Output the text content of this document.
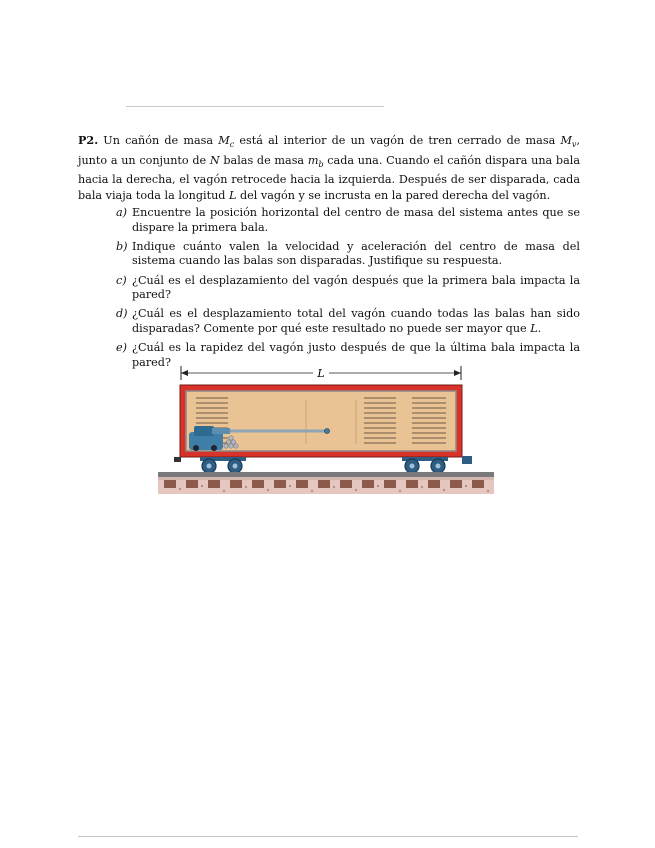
P2. Un cañón de masa $M_c$ está al interior de un vagón de tren cerrado de masa $M_v$, junto a un conjunto de N balas de masa $m_b$ cada una. Cuando el cañón dispara una bala hacia la derecha, el vagón retrocede hacia la izquierda. Después de ser disparada, cada bala viaja toda la longitud L del vagón y se incrusta en la pared derecha del vagón.
a) Encuentre la posición horizontal del centro de masa del sistema antes que se dispare la primera bala.
b) Indique cuánto valen la velocidad y aceleración del centro de masa del sistema cuando las balas son disparadas. Justifique su respuesta.
c) ¿Cuál es el desplazamiento del vagón después que la primera bala impacta la pared?
d) ¿Cuál es el desplazamiento total del vagón cuando todas las balas han sido disparadas? Comente por qué este resultado no puede ser mayor que L.
e) ¿Cuál es la rapidez del vagón justo después de que la última bala impacta la pared?
L
